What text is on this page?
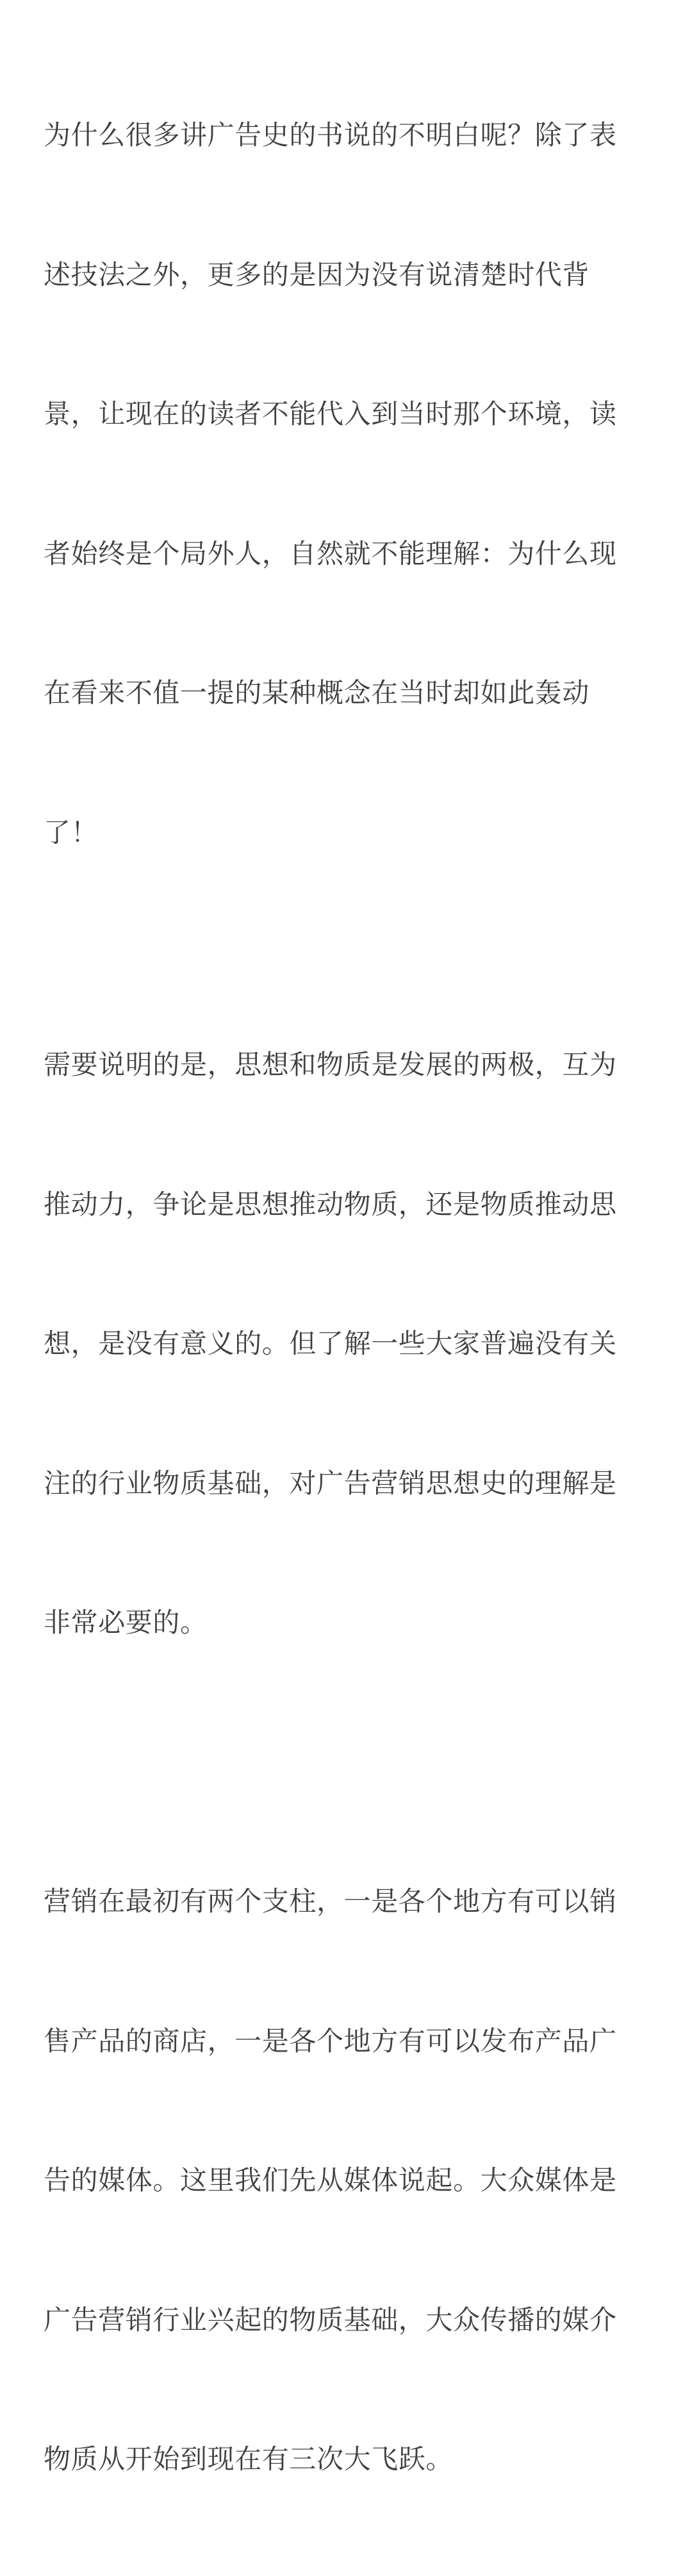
为什么很多讲广告史的书说的不明白呢？除了表

述技法之外，更多的是因为没有说清楚时代背

景，让现在的读者不能代入到当时那个环境，读

者始终是个局外人，自然就不能理解：为什么现

在看来不值一提的某种概念在当时却如此轰动

了！

需要说明的是，思想和物质是发展的两极，互为

推动力，争论是思想推动物质，还是物质推动思

想，是没有意义的。但了解一些大家普遍没有关

注的行业物质基础，对广告营销思想史的理解是

非常必要的。

营销在最初有两个支柱，一是各个地方有可以销

售产品的商店，一是各个地方有可以发布产品广

告的媒体。这里我们先从媒体说起。大众媒体是

广告营销行业兴起的物质基础，大众传播的媒介

物质从开始到现在有三次大飞跃。
